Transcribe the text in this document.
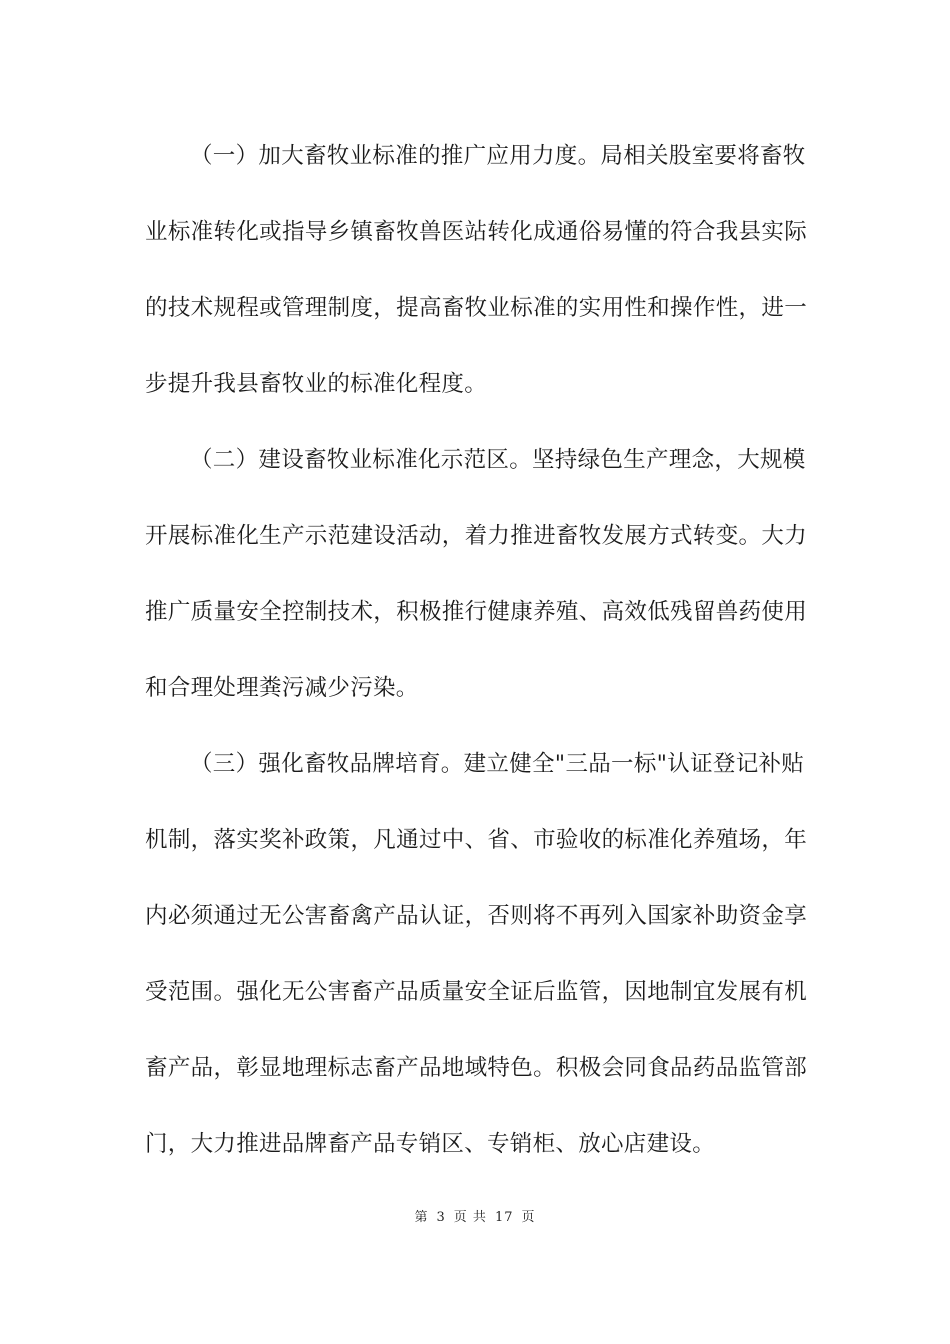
（一）加大畜牧业标准的推广应用力度。局相关股室要将畜牧
业标准转化或指导乡镇畜牧兽医站转化成通俗易懂的符合我县实际
的技术规程或管理制度，提高畜牧业标准的实用性和操作性，进一
步提升我县畜牧业的标准化程度。
（二）建设畜牧业标准化示范区。坚持绿色生产理念，大规模
开展标准化生产示范建设活动，着力推进畜牧发展方式转变。大力
推广质量安全控制技术，积极推行健康养殖、高效低残留兽药使用
和合理处理粪污减少污染。
（三）强化畜牧品牌培育。建立健全"三品一标"认证登记补贴
机制，落实奖补政策，凡通过中、省、市验收的标准化养殖场，年
内必须通过无公害畜禽产品认证，否则将不再列入国家补助资金享
受范围。强化无公害畜产品质量安全证后监管，因地制宜发展有机
畜产品，彰显地理标志畜产品地域特色。积极会同食品药品监管部
门，大力推进品牌畜产品专销区、专销柜、放心店建设。
第 3 页 共 17 页
